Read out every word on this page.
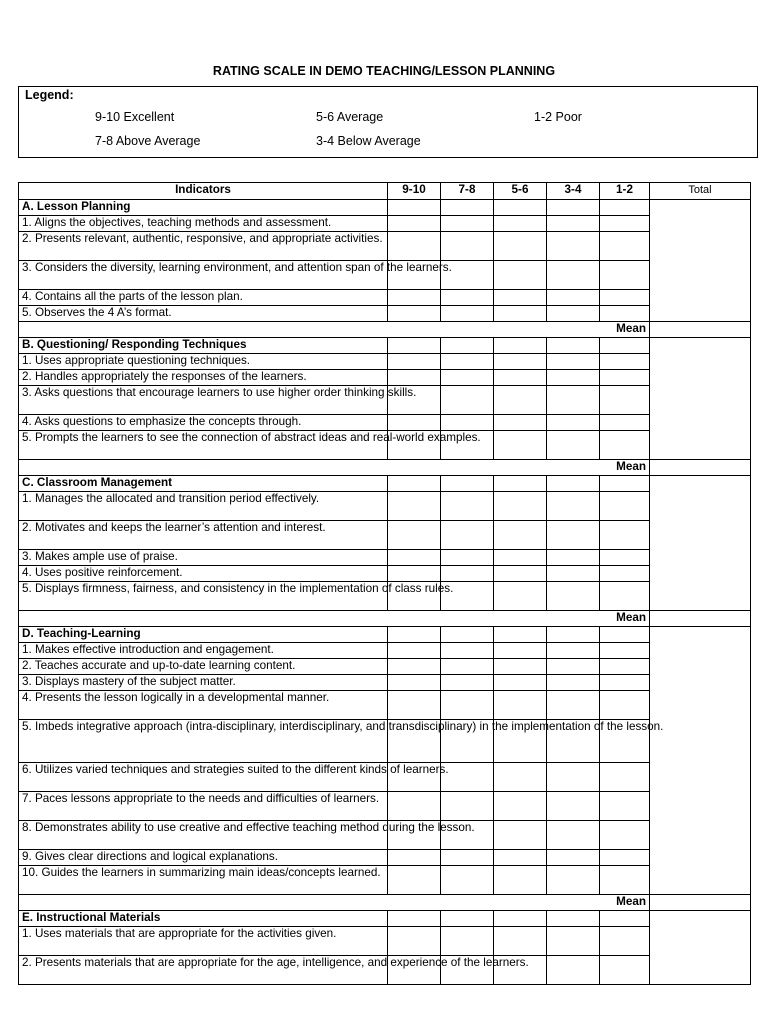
RATING SCALE IN DEMO TEACHING/LESSON PLANNING
Legend:
9-10 Excellent	5-6 Average	1-2 Poor
7-8 Above Average	3-4 Below Average
Indicators	9-10	7-8	5-6	3-4	1-2	Total
A. Lesson Planning						
1. Aligns the objectives, teaching methods and assessment.						
2. Presents relevant, authentic, responsive, and appropriate activities.						
3. Considers the diversity, learning environment, and attention span of the learners.						
4. Contains all the parts of the lesson plan.						
5. Observes the 4 A’s format.						
Mean						
B. Questioning/ Responding Techniques						
1. Uses appropriate questioning techniques.						
2. Handles appropriately the responses of the learners.						
3. Asks questions that encourage learners to use higher order thinking skills.						
4. Asks questions to emphasize the concepts through.						
5. Prompts the learners to see the connection of abstract ideas and real-world examples.						
Mean						
C. Classroom Management						
1. Manages the allocated and transition period effectively.						
2. Motivates and keeps the learner’s attention and interest.						
3. Makes ample use of praise.						
4. Uses positive reinforcement.						
5. Displays firmness, fairness, and consistency in the implementation of class rules.						
Mean						
D. Teaching-Learning						
1. Makes effective introduction and engagement.						
2. Teaches accurate and up-to-date learning content.						
3. Displays mastery of the subject matter.						
4. Presents the lesson logically in a developmental manner.						
5. Imbeds integrative approach (intra-disciplinary, interdisciplinary, and transdisciplinary) in the implementation of the lesson.						
6. Utilizes varied techniques and strategies suited to the different kinds of learners.						
7. Paces lessons appropriate to the needs and difficulties of learners.						
8. Demonstrates ability to use creative and effective teaching method during the lesson.						
9. Gives clear directions and logical explanations.						
10. Guides the learners in summarizing main ideas/concepts learned.						
Mean						
E. Instructional Materials						
1. Uses materials that are appropriate for the activities given.						
2. Presents materials that are appropriate for the age, intelligence, and experience of the learners.						
